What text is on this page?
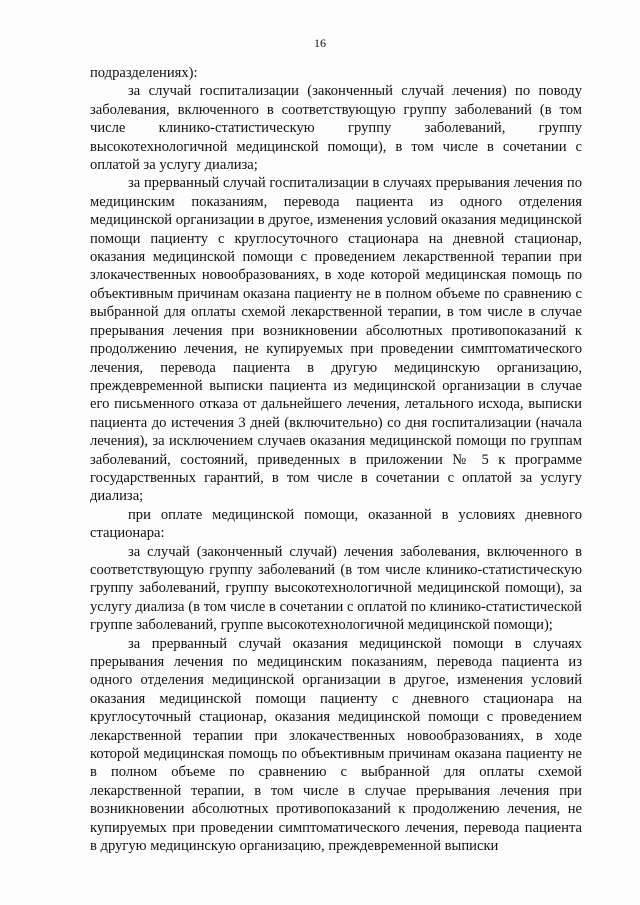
16

подразделениях):

за случай госпитализации (законченный случай лечения) по поводу заболевания, включенного в соответствующую группу заболеваний (в том числе клинико-статистическую группу заболеваний, группу высокотехнологичной медицинской помощи), в том числе в сочетании с оплатой за услугу диализа;

за прерванный случай госпитализации в случаях прерывания лечения по медицинским показаниям, перевода пациента из одного отделения медицинской организации в другое, изменения условий оказания медицинской помощи пациенту с круглосуточного стационара на дневной стационар, оказания медицинской помощи с проведением лекарственной терапии при злокачественных новообразованиях, в ходе которой медицинская помощь по объективным причинам оказана пациенту не в полном объеме по сравнению с выбранной для оплаты схемой лекарственной терапии, в том числе в случае прерывания лечения при возникновении абсолютных противопоказаний к продолжению лечения, не купируемых при проведении симптоматического лечения, перевода пациента в другую медицинскую организацию, преждевременной выписки пациента из медицинской организации в случае его письменного отказа от дальнейшего лечения, летального исхода, выписки пациента до истечения 3 дней (включительно) со дня госпитализации (начала лечения), за исключением случаев оказания медицинской помощи по группам заболеваний, состояний, приведенных в приложении № 5 к программе государственных гарантий, в том числе в сочетании с оплатой за услугу диализа;

при оплате медицинской помощи, оказанной в условиях дневного стационара:

за случай (законченный случай) лечения заболевания, включенного в соответствующую группу заболеваний (в том числе клинико-статистическую группу заболеваний, группу высокотехнологичной медицинской помощи), за услугу диализа (в том числе в сочетании с оплатой по клинико-статистической группе заболеваний, группе высокотехнологичной медицинской помощи);

за прерванный случай оказания медицинской помощи в случаях прерывания лечения по медицинским показаниям, перевода пациента из одного отделения медицинской организации в другое, изменения условий оказания медицинской помощи пациенту с дневного стационара на круглосуточный стационар, оказания медицинской помощи с проведением лекарственной терапии при злокачественных новообразованиях, в ходе которой медицинская помощь по объективным причинам оказана пациенту не в полном объеме по сравнению с выбранной для оплаты схемой лекарственной терапии, в том числе в случае прерывания лечения при возникновении абсолютных противопоказаний к продолжению лечения, не купируемых при проведении симптоматического лечения, перевода пациента в другую медицинскую организацию, преждевременной выписки
